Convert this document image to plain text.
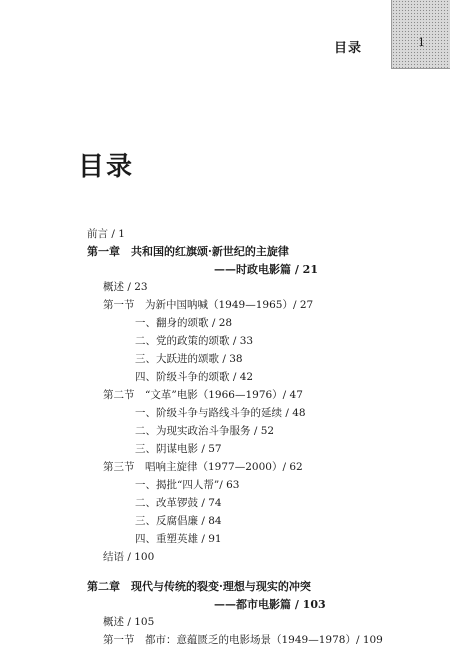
目录	1
目录
前言 / 1
第一章　共和国的红旗颂·新世纪的主旋律
——时政电影篇 / 21
概述 / 23
第一节　为新中国呐喊（1949—1965）/ 27
一、翻身的颂歌 / 28
二、党的政策的颂歌 / 33
三、大跃进的颂歌 / 38
四、阶级斗争的颂歌 / 42
第二节　“文革”电影（1966—1976）/ 47
一、阶级斗争与路线斗争的延续 / 48
二、为现实政治斗争服务 / 52
三、阴谋电影 / 57
第三节　唱响主旋律（1977—2000）/ 62
一、揭批“四人帮”/ 63
二、改革锣鼓 / 74
三、反腐倡廉 / 84
四、重塑英雄 / 91
结语 / 100
第二章　现代与传统的裂变·理想与现实的冲突
——都市电影篇 / 103
概述 / 105
第一节　都市：意蕴匮乏的电影场景（1949—1978）/ 109
